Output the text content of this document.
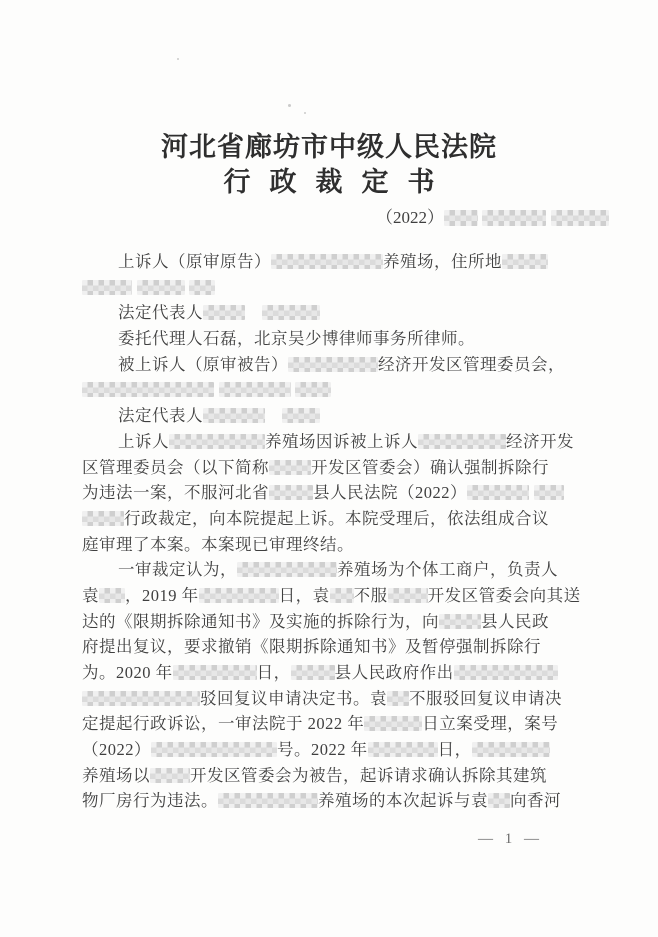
河北省廊坊市中级人民法院
行政裁定书
（2022）
上诉人（原审原告）	养殖场，住所地

法定代表人　
委托代理人石磊，北京吴少博律师事务所律师。
被上诉人（原审被告）	经济开发区管理委员会，

法定代表人　
上诉人	养殖场因诉被上诉人	经济开发
区管理委员会（以下简称	开发区管委会）确认强制拆除行
为违法一案，不服河北省	县人民法院（2022）
行政裁定，向本院提起上诉。本院受理后，依法组成合议
庭审理了本案。本案现已审理终结。
一审裁定认为，	养殖场为个体工商户，负责人
袁 ，2019 年	日，袁 不服 开发区管委会向其送
达的《限期拆除通知书》及实施的拆除行为，向	县人民政
府提出复议，要求撤销《限期拆除通知书》及暂停强制拆除行
为。2020 年	日，	县人民政府作出
驳回复议申请决定书。袁 不服驳回复议申请决
定提起行政诉讼，一审法院于 2022 年	日立案受理，案号
（2022）	号。2022 年	日，
养殖场以 开发区管委会为被告，起诉请求确认拆除其建筑
物厂房行为违法。	养殖场的本次起诉与袁 向香河
— 1 —
